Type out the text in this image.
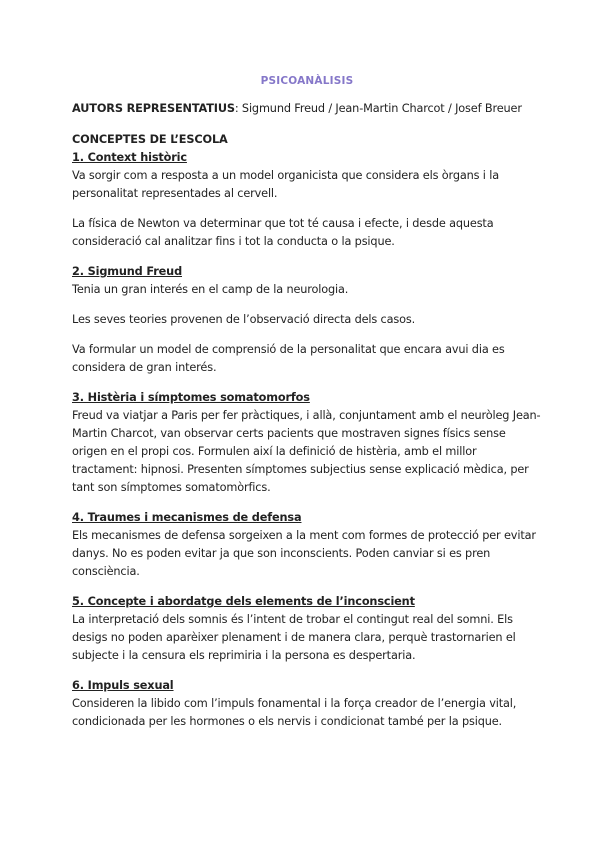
PSICOANÀLISIS

AUTORS REPRESENTATIUS: Sigmund Freud / Jean-Martin Charcot / Josef Breuer

CONCEPTES DE L’ESCOLA
1. Context històric

Va sorgir com a resposta a un model organicista que considera els òrgans i la personalitat representades al cervell.

La física de Newton va determinar que tot té causa i efecte, i desde aquesta consideració cal analitzar fins i tot la conducta o la psique.

2. Sigmund Freud

Tenia un gran interés en el camp de la neurologia.

Les seves teories provenen de l’observació directa dels casos.

Va formular un model de comprensió de la personalitat que encara avui dia es considera de gran interés.

3. Histèria i símptomes somatomorfos

Freud va viatjar a Paris per fer pràctiques, i allà, conjuntament amb el neuròleg Jean-Martin Charcot, van observar certs pacients que mostraven signes físics sense origen en el propi cos. Formulen així la definició de histèria, amb el millor tractament: hipnosi. Presenten símptomes subjectius sense explicació mèdica, per tant son símptomes somatomòrfics.

4. Traumes i mecanismes de defensa

Els mecanismes de defensa sorgeixen a la ment com formes de protecció per evitar danys. No es poden evitar ja que son inconscients. Poden canviar si es pren consciència.

5. Concepte i abordatge dels elements de l’inconscient

La interpretació dels somnis és l’intent de trobar el contingut real del somni. Els desigs no poden aparèixer plenament i de manera clara, perquè trastornarien el subjecte i la censura els reprimiria i la persona es despertaria.

6. Impuls sexual

Consideren la libido com l’impuls fonamental i la força creador de l’energia vital, condicionada per les hormones o els nervis i condicionat també per la psique.
